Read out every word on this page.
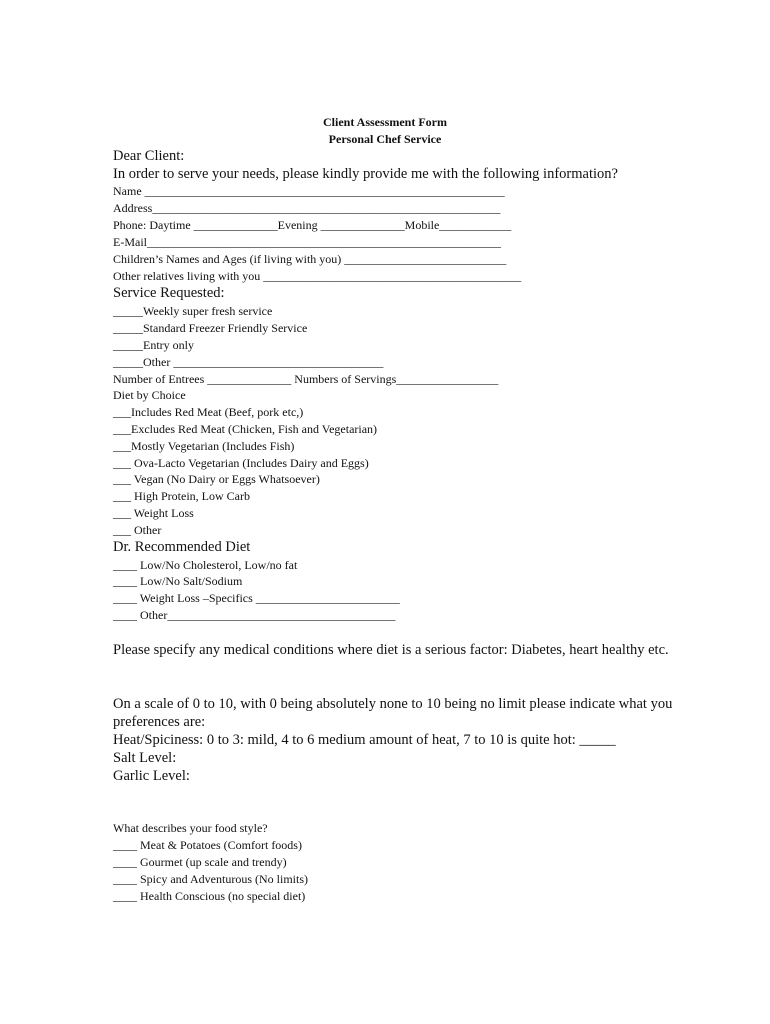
Client Assessment Form
Personal Chef Service
Dear Client:
In order to serve your needs, please kindly provide me with the following information?
Name ____________________________________________________________
Address__________________________________________________________
Phone: Daytime ______________Evening ______________Mobile____________
E-Mail___________________________________________________________
Children’s Names and Ages (if living with you) ___________________________
Other relatives living with you ___________________________________________
Service Requested:
_____Weekly super fresh service
_____Standard Freezer Friendly Service
_____Entry only
_____Other ___________________________________
Number of Entrees ______________ Numbers of Servings_________________
Diet by Choice
___Includes Red Meat (Beef, pork etc,)
___Excludes Red Meat (Chicken, Fish and Vegetarian)
___Mostly Vegetarian (Includes Fish)
___ Ova-Lacto Vegetarian (Includes Dairy and Eggs)
___ Vegan (No Dairy or Eggs Whatsoever)
___ High Protein, Low Carb
___ Weight Loss
___ Other
Dr. Recommended Diet
____ Low/No Cholesterol, Low/no fat
____ Low/No Salt/Sodium
____ Weight Loss –Specifics ________________________
____ Other______________________________________
Please specify any medical conditions where diet is a serious factor: Diabetes, heart healthy etc.
On a scale of 0 to 10, with 0 being absolutely none to 10 being no limit please indicate what you preferences are:
Heat/Spiciness: 0 to 3: mild, 4 to 6 medium amount of heat, 7 to 10 is quite hot: _____
Salt Level:
Garlic Level:
What describes your food style?
____ Meat & Potatoes (Comfort foods)
____ Gourmet (up scale and trendy)
____ Spicy and Adventurous (No limits)
____ Health Conscious (no special diet)
